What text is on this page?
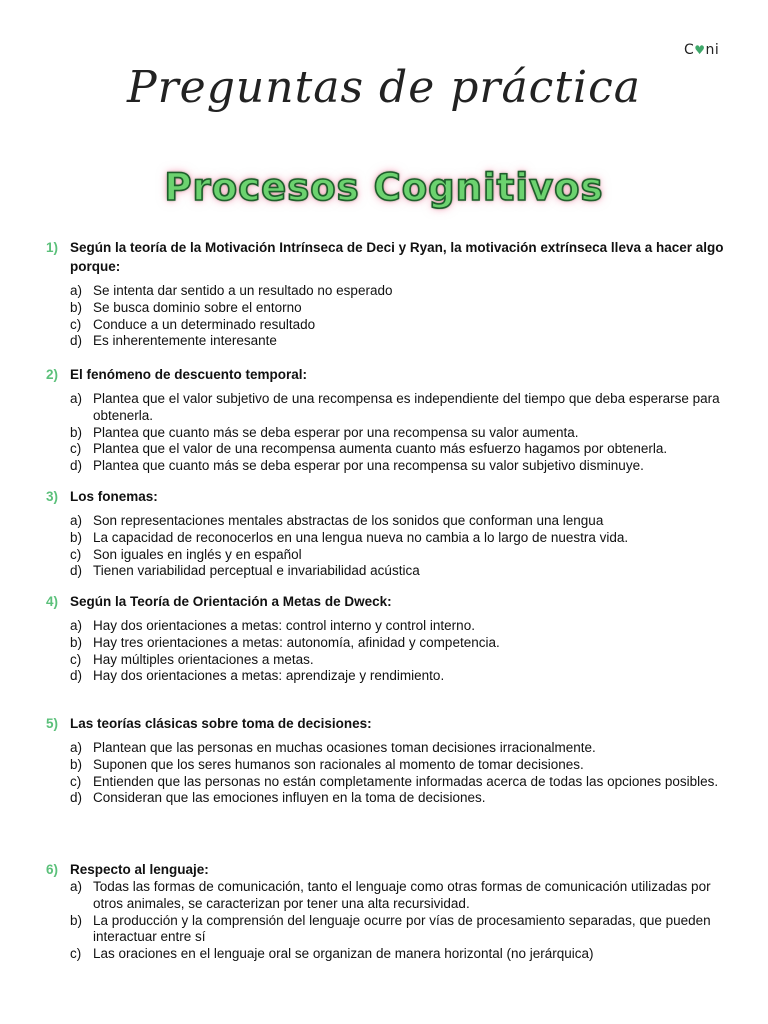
C♥ni
Preguntas de práctica
Procesos Cognitivos
1) Según la teoría de la Motivación Intrínseca de Deci y Ryan, la motivación extrínseca lleva a hacer algo porque:
a) Se intenta dar sentido a un resultado no esperado
b) Se busca dominio sobre el entorno
c) Conduce a un determinado resultado
d) Es inherentemente interesante
2) El fenómeno de descuento temporal:
a) Plantea que el valor subjetivo de una recompensa es independiente del tiempo que deba esperarse para obtenerla.
b) Plantea que cuanto más se deba esperar por una recompensa su valor aumenta.
c) Plantea que el valor de una recompensa aumenta cuanto más esfuerzo hagamos por obtenerla.
d) Plantea que cuanto más se deba esperar por una recompensa su valor subjetivo disminuye.
3) Los fonemas:
a) Son representaciones mentales abstractas de los sonidos que conforman una lengua
b) La capacidad de reconocerlos en una lengua nueva no cambia a lo largo de nuestra vida.
c) Son iguales en inglés y en español
d) Tienen variabilidad perceptual e invariabilidad acústica
4) Según la Teoría de Orientación a Metas de Dweck:
a) Hay dos orientaciones a metas: control interno y control interno.
b) Hay tres orientaciones a metas: autonomía, afinidad y competencia.
c) Hay múltiples orientaciones a metas.
d) Hay dos orientaciones a metas: aprendizaje y rendimiento.
5) Las teorías clásicas sobre toma de decisiones:
a) Plantean que las personas en muchas ocasiones toman decisiones irracionalmente.
b) Suponen que los seres humanos son racionales al momento de tomar decisiones.
c) Entienden que las personas no están completamente informadas acerca de todas las opciones posibles.
d) Consideran que las emociones influyen en la toma de decisiones.
6) Respecto al lenguaje:
a) Todas las formas de comunicación, tanto el lenguaje como otras formas de comunicación utilizadas por otros animales, se caracterizan por tener una alta recursividad.
b) La producción y la comprensión del lenguaje ocurre por vías de procesamiento separadas, que pueden interactuar entre sí
c) Las oraciones en el lenguaje oral se organizan de manera horizontal (no jerárquica)
